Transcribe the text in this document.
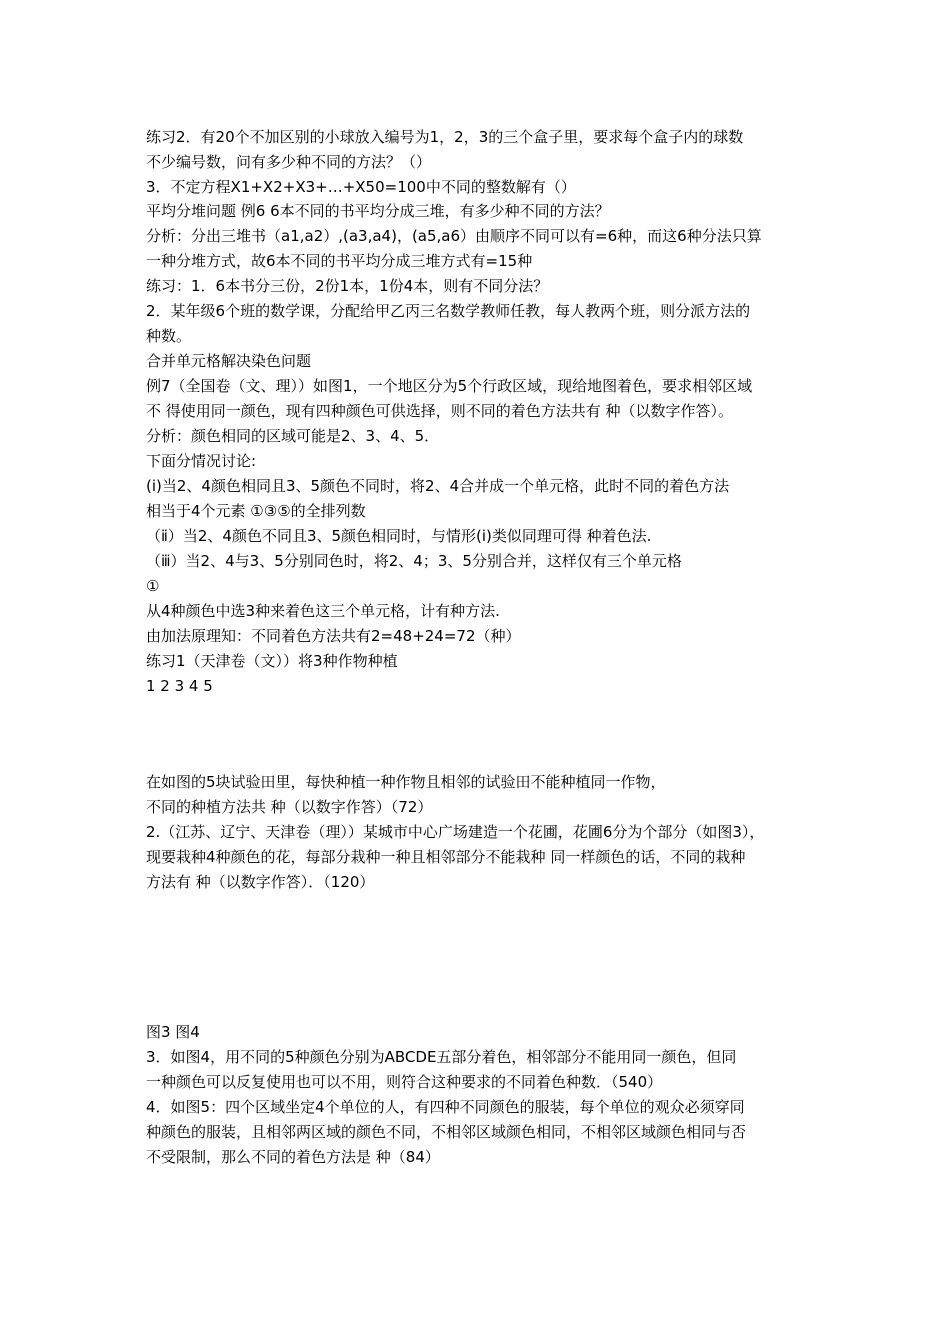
练习2．有20个不加区别的小球放入编号为1，2，3的三个盒子里，要求每个盒子内的球数
不少编号数，问有多少种不同的方法？（）
3．不定方程X1+X2+X3+…+X50=100中不同的整数解有（）
平均分堆问题 例6 6本不同的书平均分成三堆，有多少种不同的方法？
分析：分出三堆书（a1,a2）,(a3,a4)，(a5,a6）由顺序不同可以有=6种，而这6种分法只算
一种分堆方式，故6本不同的书平均分成三堆方式有=15种
练习：1．6本书分三份，2份1本，1份4本，则有不同分法？
2．某年级6个班的数学课，分配给甲乙丙三名数学教师任教，每人教两个班，则分派方法的
种数。
合并单元格解决染色问题
例7（全国卷（文、理））如图1，一个地区分为5个行政区域，现给地图着色，要求相邻区域
不 得使用同一颜色，现有四种颜色可供选择，则不同的着色方法共有 种（以数字作答）。
分析：颜色相同的区域可能是2、3、4、5．
下面分情况讨论:
(ⅰ)当2、4颜色相同且3、5颜色不同时，将2、4合并成一个单元格，此时不同的着色方法
相当于4个元素 ①③⑤的全排列数
（ⅱ）当2、4颜色不同且3、5颜色相同时，与情形(ⅰ)类似同理可得 种着色法.
（ⅲ）当2、4与3、5分别同色时，将2、4；3、5分别合并，这样仅有三个单元格
①
从4种颜色中选3种来着色这三个单元格，计有种方法.
由加法原理知：不同着色方法共有2=48+24=72（种）
练习1（天津卷（文））将3种作物种植
1 2 3 4 5
在如图的5块试验田里，每快种植一种作物且相邻的试验田不能种植同一作物，
不同的种植方法共 种（以数字作答）（72）
2.（江苏、辽宁、天津卷（理））某城市中心广场建造一个花圃，花圃6分为个部分（如图3），
现要栽种4种颜色的花，每部分栽种一种且相邻部分不能栽种 同一样颜色的话，不同的栽种
方法有 种（以数字作答）．（120）
图3 图4
3．如图4，用不同的5种颜色分别为ABCDE五部分着色，相邻部分不能用同一颜色，但同
一种颜色可以反复使用也可以不用，则符合这种要求的不同着色种数．（540）
4．如图5：四个区域坐定4个单位的人，有四种不同颜色的服装，每个单位的观众必须穿同
种颜色的服装，且相邻两区域的颜色不同，不相邻区域颜色相同，不相邻区域颜色相同与否
不受限制，那么不同的着色方法是 种（84）
